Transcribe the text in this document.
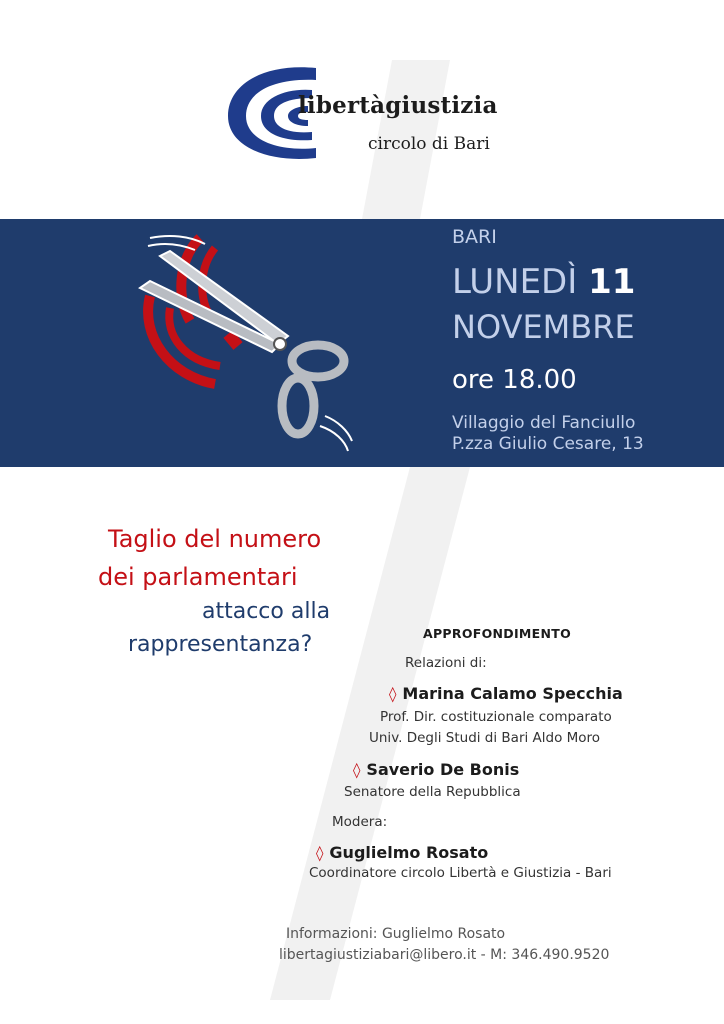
libertàgiustizia
circolo di Bari
BARI
LUNEDÌ 11
NOVEMBRE
ore 18.00
Villaggio del Fanciullo
P.zza Giulio Cesare, 13
Taglio del numero
dei parlamentari
attacco alla
rappresentanza?	APPROFONDIMENTO
Relazioni di:
◊ Marina Calamo Specchia
Prof. Dir. costituzionale comparato
Univ. Degli Studi di Bari Aldo Moro
◊ Saverio De Bonis
Senatore della Repubblica
Modera:
◊ Guglielmo Rosato
Coordinatore circolo Libertà e Giustizia - Bari
Informazioni: Guglielmo Rosato
libertagiustiziabari@libero.it - M: 346.490.9520
